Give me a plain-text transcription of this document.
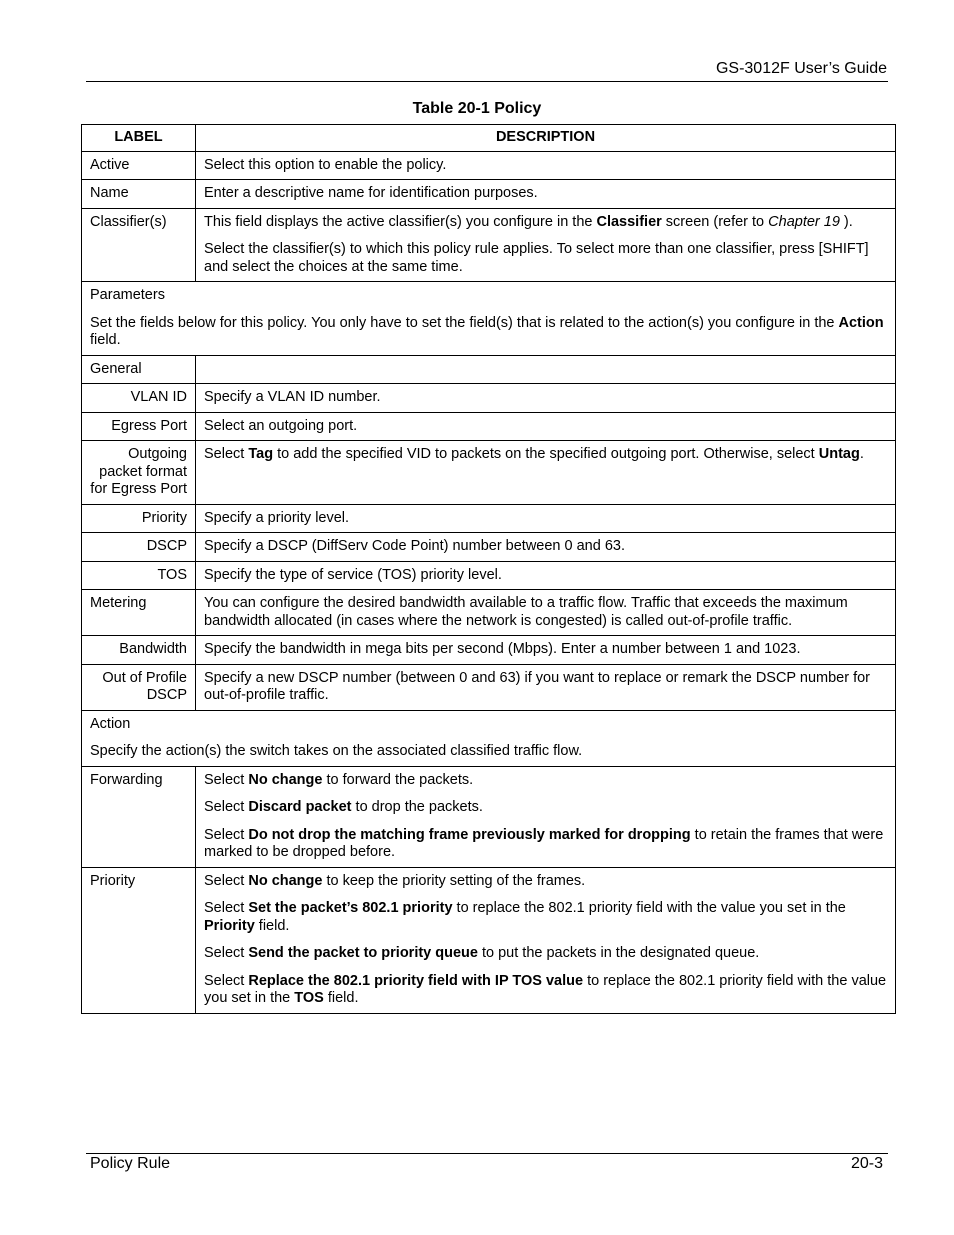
GS-3012F User’s Guide
Table 20-1 Policy
LABEL	DESCRIPTION
Active	Select this option to enable the policy.
Name	Enter a descriptive name for identification purposes.
Classifier(s)	This field displays the active classifier(s) you configure in the Classifier screen (refer to Chapter 19 ).

Select the classifier(s) to which this policy rule applies. To select more than one classifier, press [SHIFT] and select the choices at the same time.

Parameters

Set the fields below for this policy. You only have to set the field(s) that is related to the action(s) you configure in the Action field.	

General	
VLAN ID	Specify a VLAN ID number.
Egress Port	Select an outgoing port.
Outgoing packet format for Egress Port	Select Tag to add the specified VID to packets on the specified outgoing port. Otherwise, select Untag.
Priority	Specify a priority level.
DSCP	Specify a DSCP (DiffServ Code Point) number between 0 and 63.
TOS	Specify the type of service (TOS) priority level.
Metering	You can configure the desired bandwidth available to a traffic flow. Traffic that exceeds the maximum bandwidth allocated (in cases where the network is congested) is called out-of-profile traffic.
Bandwidth	Specify the bandwidth in mega bits per second (Mbps). Enter a number between 1 and 1023.
Out of Profile DSCP	Specify a new DSCP number (between 0 and 63) if you want to replace or remark the DSCP number for out-of-profile traffic.

Action

Specify the action(s) the switch takes on the associated classified traffic flow.	

Forwarding	Select No change to forward the packets.

Select Discard packet to drop the packets.

Select Do not drop the matching frame previously marked for dropping to retain the frames that were marked to be dropped before.

Priority	Select No change to keep the priority setting of the frames.

Select Set the packet’s 802.1 priority to replace the 802.1 priority field with the value you set in the Priority field.

Select Send the packet to priority queue to put the packets in the designated queue.

Select Replace the 802.1 priority field with IP TOS value to replace the 802.1 priority field with the value you set in the TOS field.

Policy Rule	20-3
